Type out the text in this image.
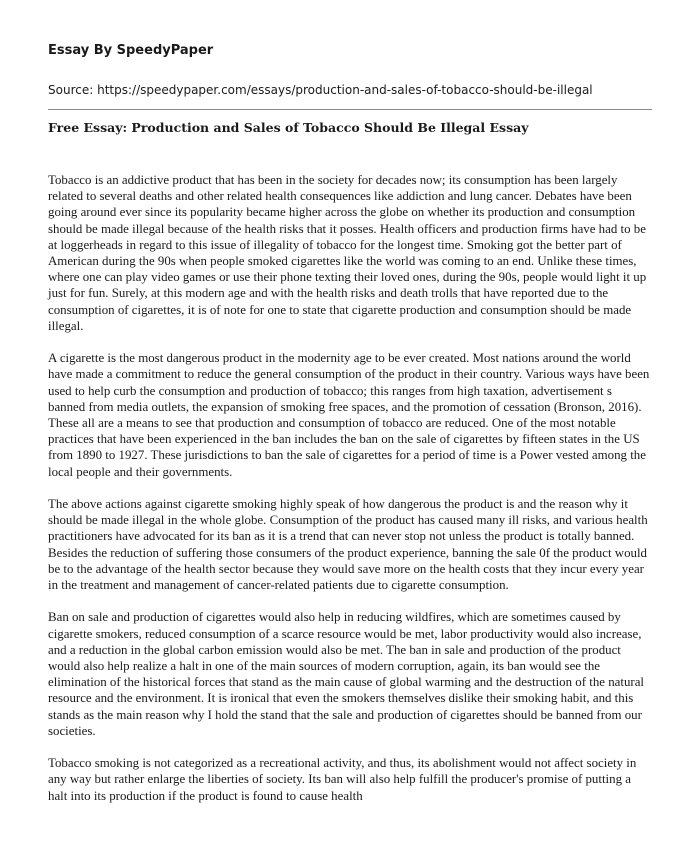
Essay By SpeedyPaper
Source: https://speedypaper.com/essays/production-and-sales-of-tobacco-should-be-illegal
Free Essay: Production and Sales of Tobacco Should Be Illegal Essay

Tobacco is an addictive product that has been in the society for decades now; its consumption has been largely related to several deaths and other related health consequences like addiction and lung cancer. Debates have been going around ever since its popularity became higher across the globe on whether its production and consumption should be made illegal because of the health risks that it posses. Health officers and production firms have had to be at loggerheads in regard to this issue of illegality of tobacco for the longest time. Smoking got the better part of American during the 90s when people smoked cigarettes like the world was coming to an end. Unlike these times, where one can play video games or use their phone texting their loved ones, during the 90s, people would light it up just for fun. Surely, at this modern age and with the health risks and death trolls that have reported due to the consumption of cigarettes, it is of note for one to state that cigarette production and consumption should be made illegal.

A cigarette is the most dangerous product in the modernity age to be ever created. Most nations around the world have made a commitment to reduce the general consumption of the product in their country. Various ways have been used to help curb the consumption and production of tobacco; this ranges from high taxation, advertisement s banned from media outlets, the expansion of smoking free spaces, and the promotion of cessation (Bronson, 2016). These all are a means to see that production and consumption of tobacco are reduced. One of the most notable practices that have been experienced in the ban includes the ban on the sale of cigarettes by fifteen states in the US from 1890 to 1927. These jurisdictions to ban the sale of cigarettes for a period of time is a Power vested among the local people and their governments.

The above actions against cigarette smoking highly speak of how dangerous the product is and the reason why it should be made illegal in the whole globe. Consumption of the product has caused many ill risks, and various health practitioners have advocated for its ban as it is a trend that can never stop not unless the product is totally banned. Besides the reduction of suffering those consumers of the product experience, banning the sale 0f the product would be to the advantage of the health sector because they would save more on the health costs that they incur every year in the treatment and management of cancer-related patients due to cigarette consumption.

Ban on sale and production of cigarettes would also help in reducing wildfires, which are sometimes caused by cigarette smokers, reduced consumption of a scarce resource would be met, labor productivity would also increase, and a reduction in the global carbon emission would also be met. The ban in sale and production of the product would also help realize a halt in one of the main sources of modern corruption, again, its ban would see the elimination of the historical forces that stand as the main cause of global warming and the destruction of the natural resource and the environment. It is ironical that even the smokers themselves dislike their smoking habit, and this stands as the main reason why I hold the stand that the sale and production of cigarettes should be banned from our societies.

Tobacco smoking is not categorized as a recreational activity, and thus, its abolishment would not affect society in any way but rather enlarge the liberties of society. Its ban will also help fulfill the producer's promise of putting a halt into its production if the product is found to cause health
